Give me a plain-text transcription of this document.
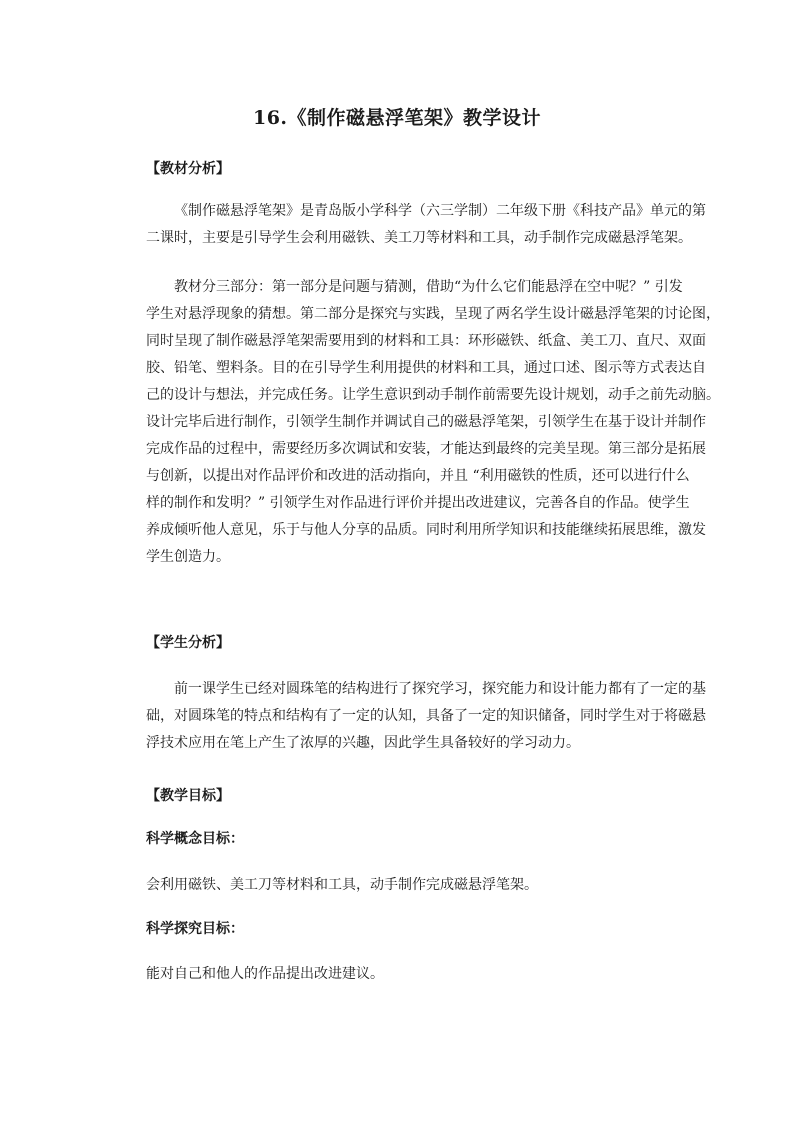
16.《制作磁悬浮笔架》教学设计
【教材分析】
《制作磁悬浮笔架》是青岛版小学科学（六三学制）二年级下册《科技产品》单元的第
二课时，主要是引导学生会利用磁铁、美工刀等材料和工具，动手制作完成磁悬浮笔架。
教材分三部分：第一部分是问题与猜测，借助“为什么它们能悬浮在空中呢？” 引发
学生对悬浮现象的猜想。第二部分是探究与实践，呈现了两名学生设计磁悬浮笔架的讨论图，
同时呈现了制作磁悬浮笔架需要用到的材料和工具：环形磁铁、纸盒、美工刀、直尺、双面
胶、铅笔、塑料条。目的在引导学生利用提供的材料和工具，通过口述、图示等方式表达自
己的设计与想法，并完成任务。让学生意识到动手制作前需要先设计规划，动手之前先动脑。
设计完毕后进行制作，引领学生制作并调试自己的磁悬浮笔架，引领学生在基于设计并制作
完成作品的过程中，需要经历多次调试和安装，才能达到最终的完美呈现。第三部分是拓展
与创新，以提出对作品评价和改进的活动指向，并且 “利用磁铁的性质，还可以进行什么
样的制作和发明？” 引领学生对作品进行评价并提出改进建议，完善各自的作品。使学生
养成倾听他人意见，乐于与他人分享的品质。同时利用所学知识和技能继续拓展思维，激发
学生创造力。
【学生分析】
前一课学生已经对圆珠笔的结构进行了探究学习，探究能力和设计能力都有了一定的基
础，对圆珠笔的特点和结构有了一定的认知，具备了一定的知识储备，同时学生对于将磁悬
浮技术应用在笔上产生了浓厚的兴趣，因此学生具备较好的学习动力。
【教学目标】
科学概念目标：
会利用磁铁、美工刀等材料和工具，动手制作完成磁悬浮笔架。
科学探究目标：
能对自己和他人的作品提出改进建议。
